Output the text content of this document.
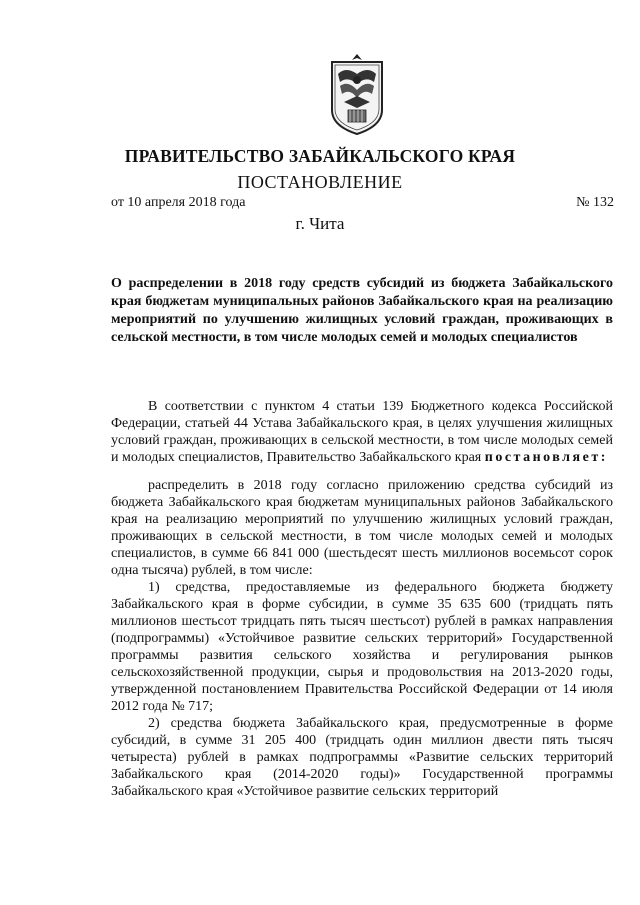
ПРАВИТЕЛЬСТВО ЗАБАЙКАЛЬСКОГО КРАЯ
ПОСТАНОВЛЕНИЕ
от 10 апреля 2018 года	№ 132
г. Чита
О распределении в 2018 году средств субсидий из бюджета Забайкальского края бюджетам муниципальных районов Забайкальского края на реализацию мероприятий по улучшению жилищных условий граждан, проживающих в сельской местности, в том числе молодых семей и молодых специалистов

В соответствии с пунктом 4 статьи 139 Бюджетного кодекса Российской Федерации, статьей 44 Устава Забайкальского края, в целях улучшения жилищных условий граждан, проживающих в сельской местности, в том числе молодых семей и молодых специалистов, Правительство Забайкальского края постановляет:

распределить в 2018 году согласно приложению средства субсидий из бюджета Забайкальского края бюджетам муниципальных районов Забайкальского края на реализацию мероприятий по улучшению жилищных условий граждан, проживающих в сельской местности, в том числе молодых семей и молодых специалистов, в сумме 66 841 000 (шестьдесят шесть миллионов восемьсот сорок одна тысяча) рублей, в том числе:

1) средства, предоставляемые из федерального бюджета бюджету Забайкальского края в форме субсидии, в сумме 35 635 600 (тридцать пять миллионов шестьсот тридцать пять тысяч шестьсот) рублей в рамках направления (подпрограммы) «Устойчивое развитие сельских территорий» Государственной программы развития сельского хозяйства и регулирования рынков сельскохозяйственной продукции, сырья и продовольствия на 2013-2020 годы, утвержденной постановлением Правительства Российской Федерации от 14 июля 2012 года № 717;

2) средства бюджета Забайкальского края, предусмотренные в форме субсидий, в сумме 31 205 400 (тридцать один миллион двести пять тысяч четыреста) рублей в рамках подпрограммы «Развитие сельских территорий Забайкальского края (2014-2020 годы)» Государственной программы Забайкальского края «Устойчивое развитие сельских территорий
